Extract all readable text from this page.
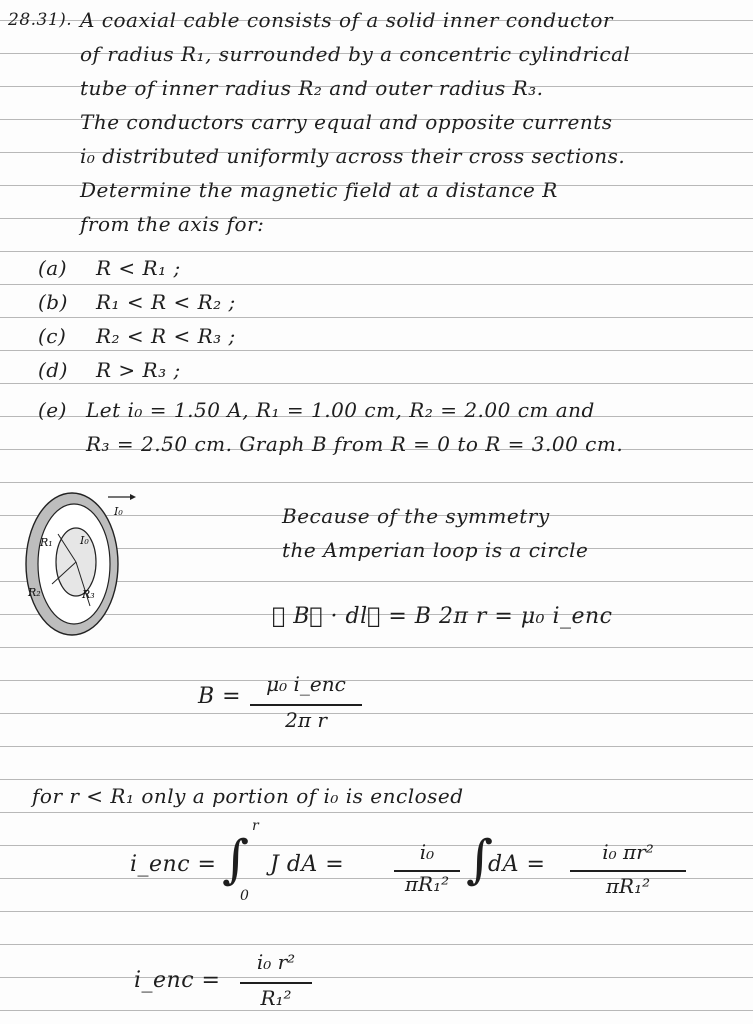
28.31). A coaxial cable consists of a solid inner conductor
of radius R₁, surrounded by a concentric cylindrical
tube of inner radius R₂ and outer radius R₃.
The conductors carry equal and opposite currents
i₀ distributed uniformly across their cross sections.
Determine the magnetic field at a distance R
from the axis for:
(a) R < R₁ ;
(b) R₁ < R < R₂ ;
(c) R₂ < R < R₃ ;
(d) R > R₃ ;
(e) Let i₀ = 1.50 A, R₁ = 1.00 cm, R₂ = 2.00 cm and
R₃ = 2.50 cm. Graph B from R = 0 to R = 3.00 cm.
I₀
I₀
R₁
R₂	R₃
Because of the symmetry
the Amperian loop is a circle
∮ B⃗ · dl⃗ = B 2π r = μ₀ i_enc
B =	μ₀ i_enc
2π r
for r < R₁ only a portion of i₀ is enclosed
i_enc = ∫
r
0
J dA =	i₀
πR₁² ∫
dA =	i₀ πr²
πR₁²
i_enc =
i₀ r²
R₁²
